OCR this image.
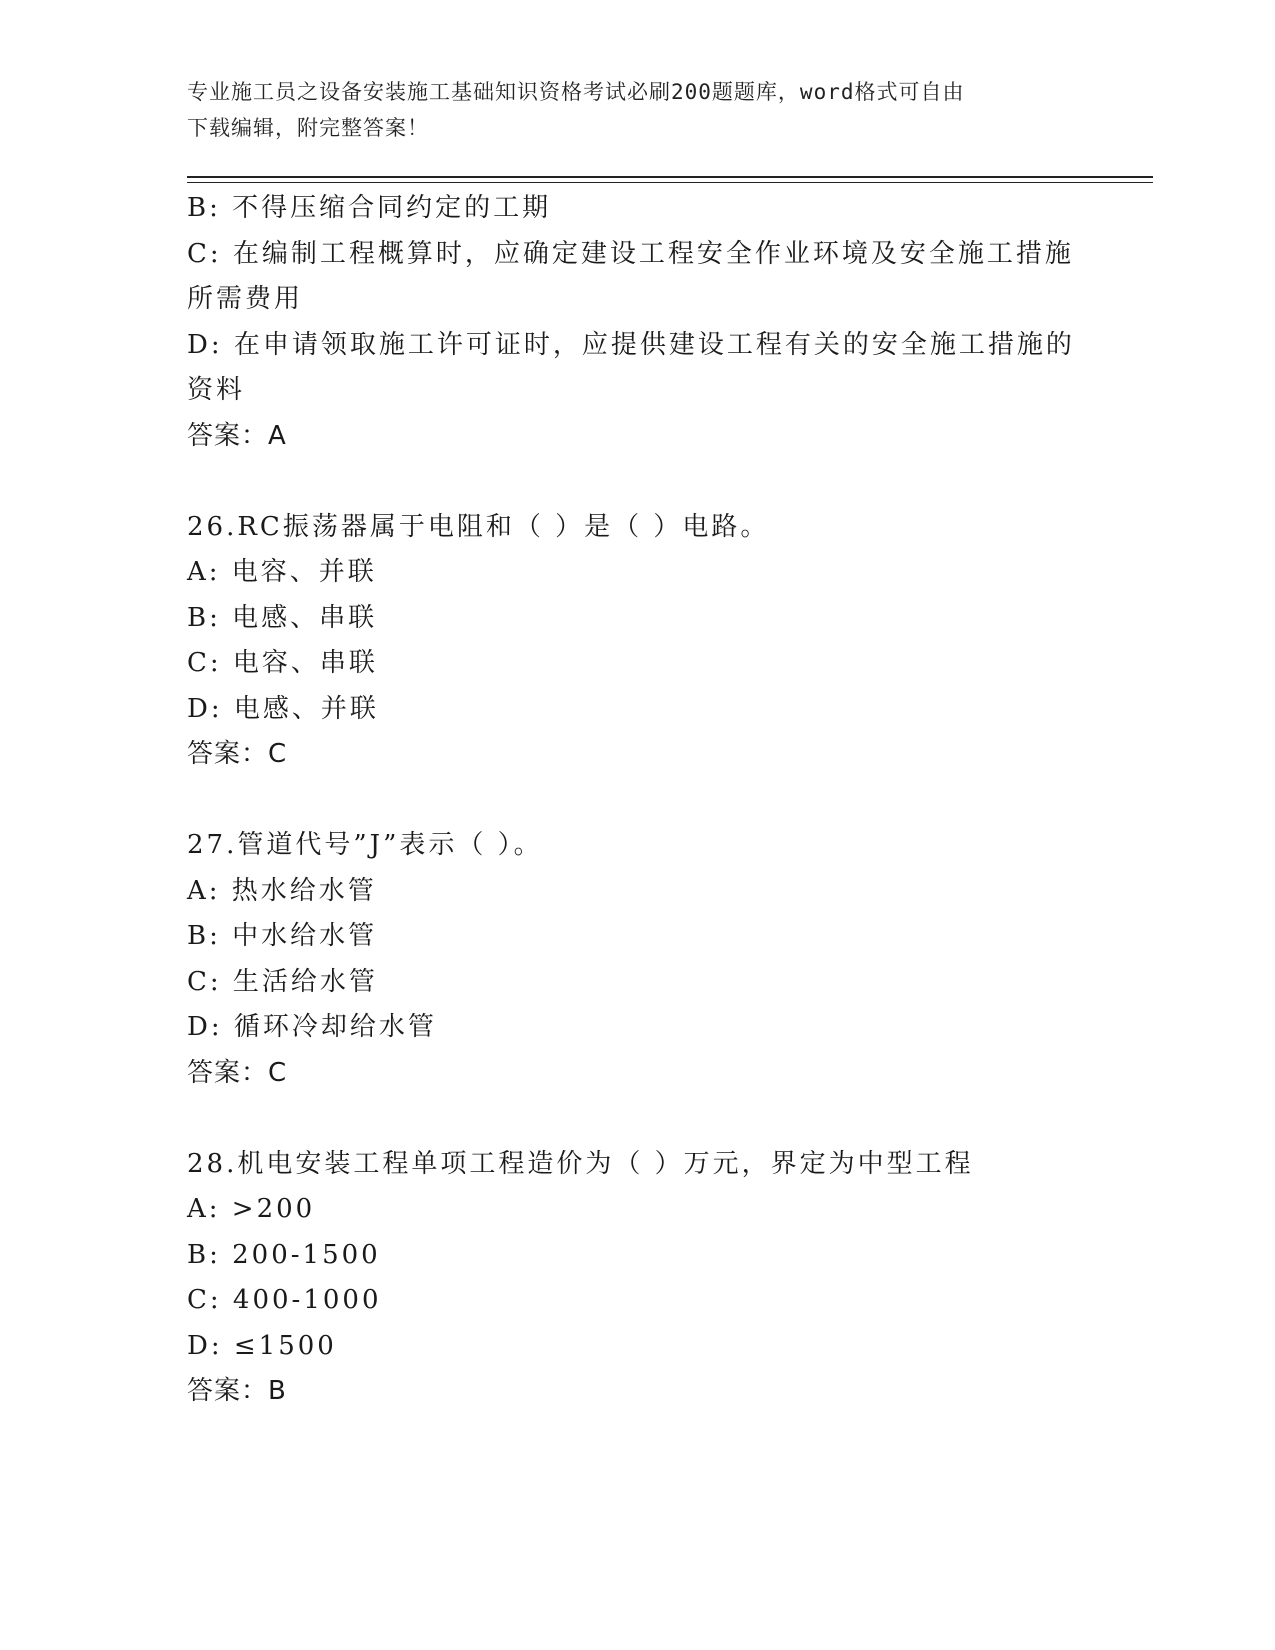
专业施工员之设备安装施工基础知识资格考试必刷200题题库，word格式可自由
下载编辑，附完整答案！
B: 不得压缩合同约定的工期
C: 在编制工程概算时，应确定建设工程安全作业环境及安全施工措施
所需费用
D: 在申请领取施工许可证时，应提供建设工程有关的安全施工措施的
资料
答案：A
26.RC振荡器属于电阻和（ ）是（ ）电路。
A: 电容、并联
B: 电感、串联
C: 电容、串联
D: 电感、并联
答案：C
27.管道代号”J”表示（ ）。
A: 热水给水管
B: 中水给水管
C: 生活给水管
D: 循环冷却给水管
答案：C
28.机电安装工程单项工程造价为（ ）万元，界定为中型工程
A: >200
B: 200-1500
C: 400-1000
D: ≤1500
答案：B
